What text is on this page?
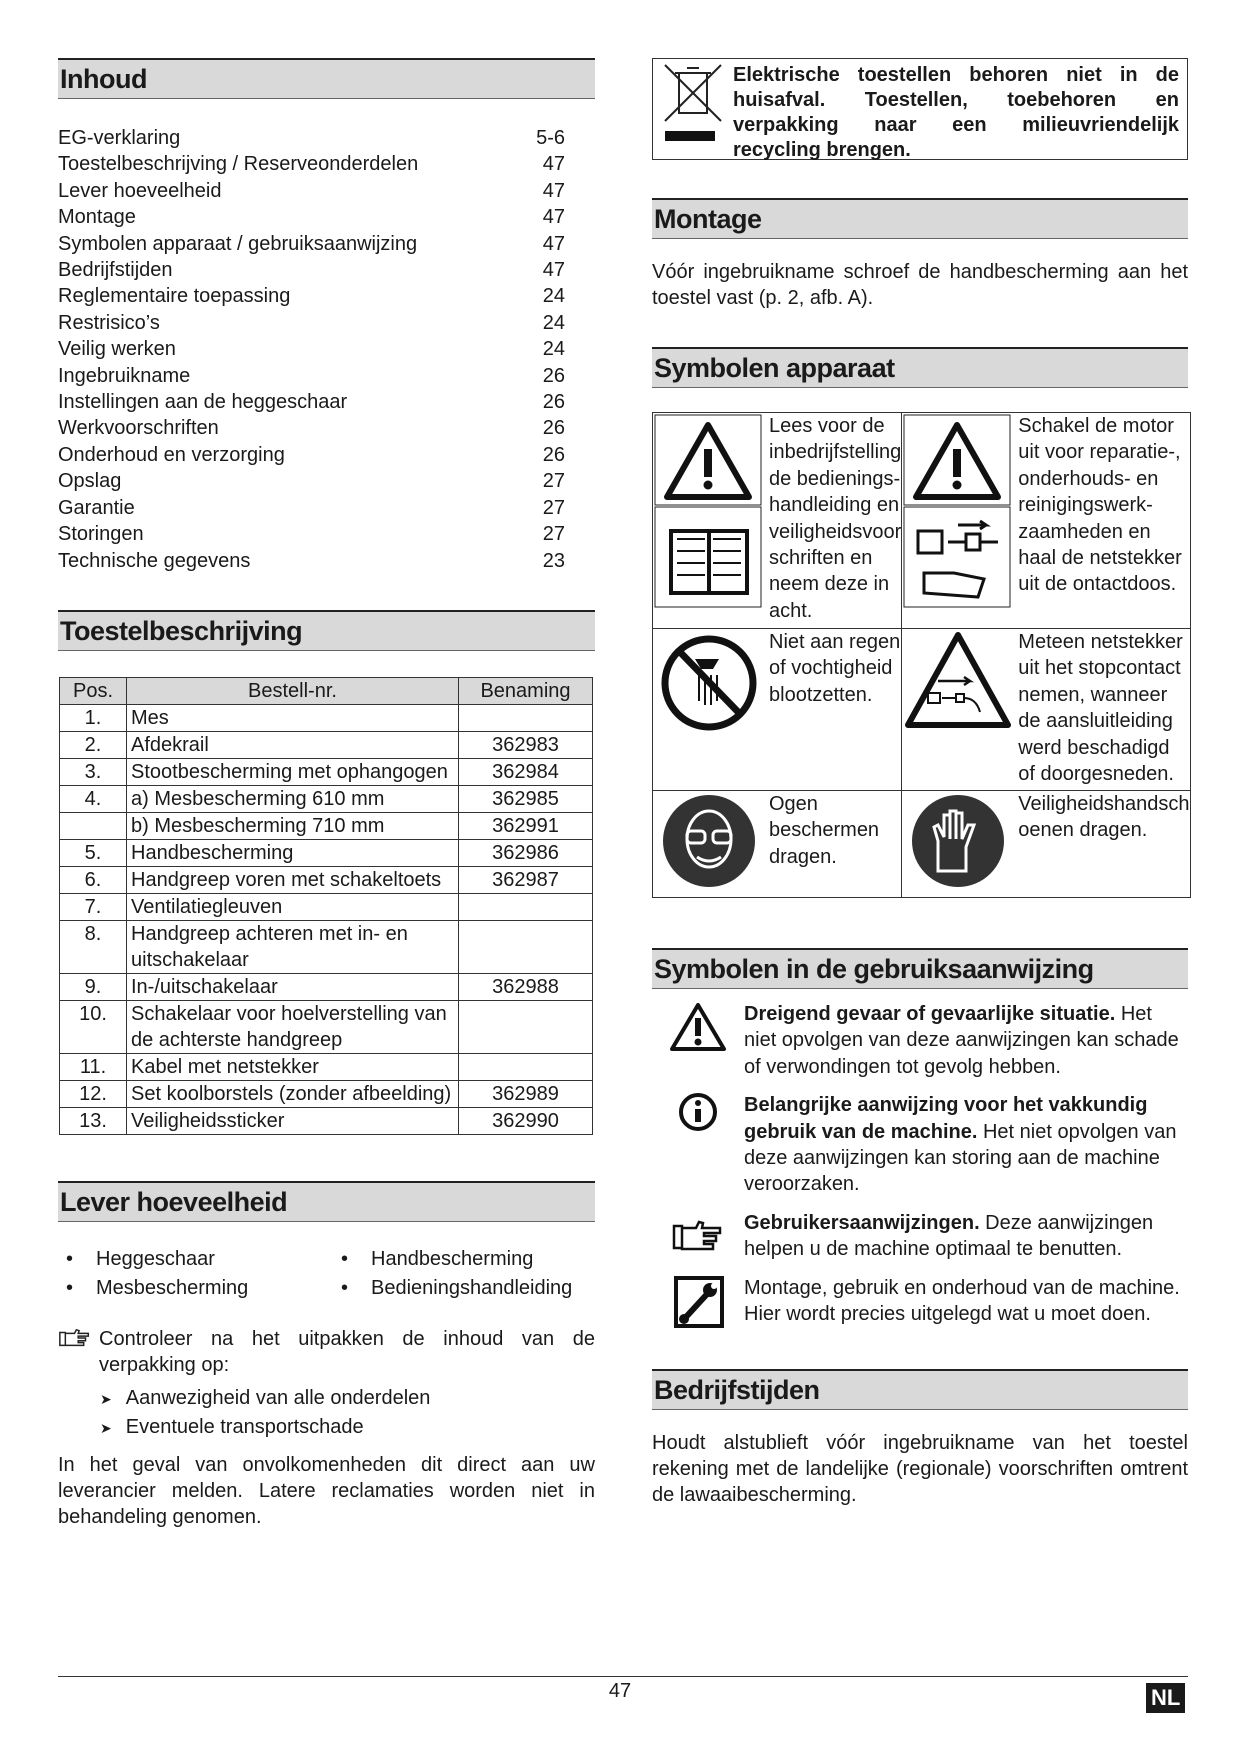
Inhoud
EG-verklaring	5-6
Toestelbeschrijving / Reserveonderdelen	47
Lever hoeveelheid	47
Montage	47
Symbolen apparaat / gebruiksaanwijzing	47
Bedrijfstijden	47
Reglementaire toepassing	24
Restrisico’s	24
Veilig werken	24
Ingebruikname	26
Instellingen aan de heggeschaar	26
Werkvoorschriften	26
Onderhoud en verzorging	26
Opslag	27
Garantie	27
Storingen	27
Technische gegevens	23
Toestelbeschrijving
Pos.	Bestell-nr.	Benaming
1.	Mes	
2.	Afdekrail	362983
3.	Stootbescherming met ophangogen	362984
4.	a) Mesbescherming 610 mm	362985
	b) Mesbescherming 710 mm	362991
5.	Handbescherming	362986
6.	Handgreep voren met schakeltoets	362987
7.	Ventilatiegleuven	
8.	Handgreep achteren met in- en uitschakelaar	
9.	In-/uitschakelaar	362988
10.	Schakelaar voor hoelverstelling van de achterste handgreep	
11.	Kabel met netstekker	
12.	Set koolborstels (zonder afbeelding)	362989
13.	Veiligheidssticker	362990
Lever hoeveelheid
• Heggeschaar	• Handbescherming
• Mesbescherming	• Bedieningshandleiding
Controleer na het uitpakken de inhoud van de verpakking op:
➤ Aanwezigheid van alle onderdelen
➤ Eventuele transportschade
In het geval van onvolkomenheden dit direct aan uw leverancier melden. Latere reclamaties worden niet in behandeling genomen.
Elektrische toestellen behoren niet in de huisafval. Toestellen, toebehoren en verpakking naar een milieuvriendelijk recycling brengen.
Montage
Vóór ingebruikname schroef de handbescherming aan het toestel vast (p. 2, afb. A).
Symbolen apparaat
Lees voor de inbedrijfstelling de bedienings-handleiding en veiligheidsvoor schriften en neem deze in acht.	Schakel de motor uit voor reparatie-, onderhouds- en reinigingswerk-zaamheden en haal de netstekker uit de ontactdoos.

Niet aan regen of vochtigheid blootzetten.	Meteen netstekker uit het stopcontact nemen, wanneer de aansluitleiding werd beschadigd of doorgesneden.

Ogen beschermen dragen.	Veiligheidshandsch oenen dragen.
Symbolen in de gebruiksaanwijzing
Dreigend gevaar of gevaarlijke situatie. Het niet opvolgen van deze aanwijzingen kan schade of verwondingen tot gevolg hebben.
Belangrijke aanwijzing voor het vakkundig gebruik van de machine. Het niet opvolgen van deze aanwijzingen kan storing aan de machine veroorzaken.
Gebruikersaanwijzingen. Deze aanwijzingen helpen u de machine optimaal te benutten.
Montage, gebruik en onderhoud van de machine. Hier wordt precies uitgelegd wat u moet doen.
Bedrijfstijden
Houdt alstublieft vóór ingebruikname van het toestel rekening met de landelijke (regionale) voorschriften omtrent de lawaaibescherming.
47	NL
